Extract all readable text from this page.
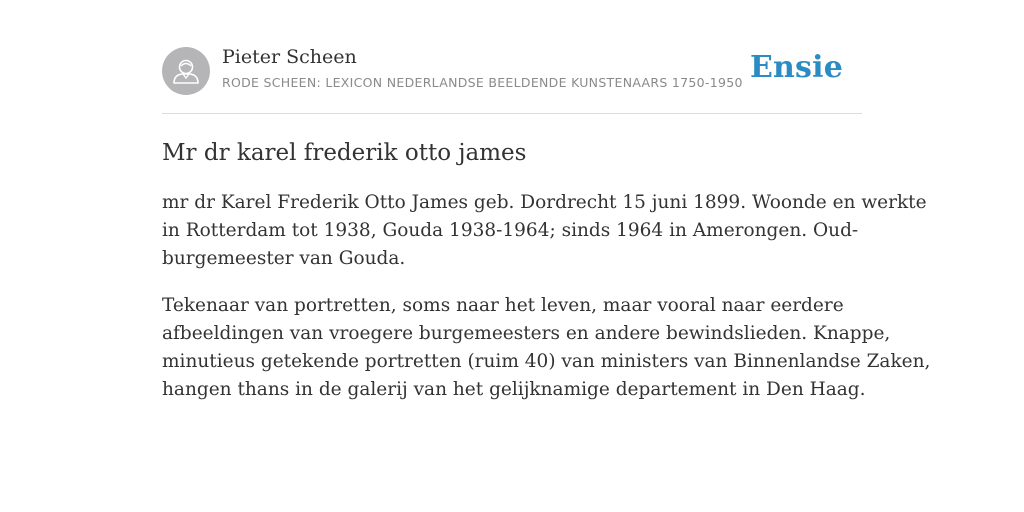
Pieter Scheen
RODE SCHEEN: LEXICON NEDERLANDSE BEELDENDE KUNSTENAARS 1750-1950 Ensie
Mr dr karel frederik otto james

mr dr Karel Frederik Otto James geb. Dordrecht 15 juni 1899. Woonde en werkte
in Rotterdam tot 1938, Gouda 1938-1964; sinds 1964 in Amerongen. Oud-
burgemeester van Gouda.

Tekenaar van portretten, soms naar het leven, maar vooral naar eerdere
afbeeldingen van vroegere burgemeesters en andere bewindslieden. Knappe,
minutieus getekende portretten (ruim 40) van ministers van Binnenlandse Zaken,
hangen thans in de galerij van het gelijknamige departement in Den Haag.
